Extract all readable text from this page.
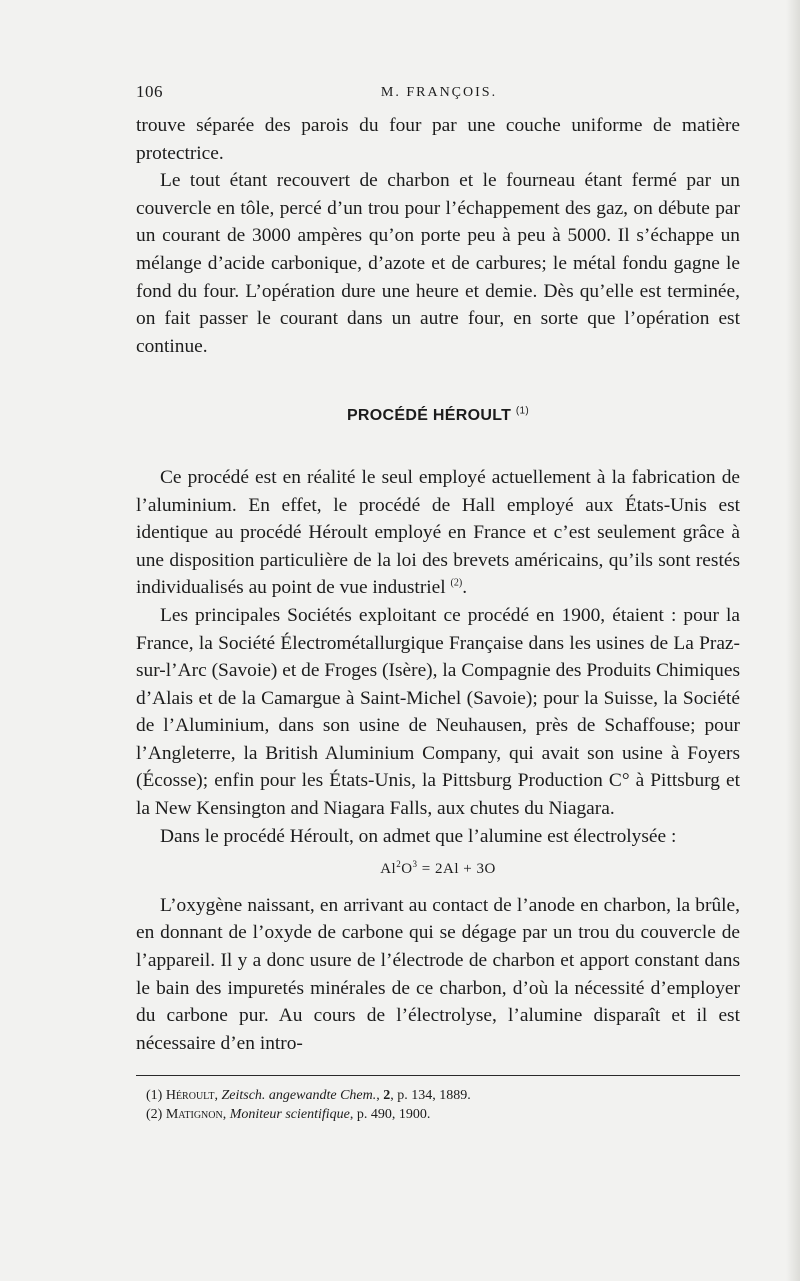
106	M. FRANÇOIS.

trouve séparée des parois du four par une couche uniforme de matière protectrice.

Le tout étant recouvert de charbon et le fourneau étant fermé par un couvercle en tôle, percé d’un trou pour l’échappement des gaz, on débute par un courant de 3000 ampères qu’on porte peu à peu à 5000. Il s’échappe un mélange d’acide carbonique, d’azote et de carbures; le métal fondu gagne le fond du four. L’opération dure une heure et demie. Dès qu’elle est terminée, on fait passer le courant dans un autre four, en sorte que l’opération est continue.

PROCÉDÉ HÉROULT $^{(1)}$

Ce procédé est en réalité le seul employé actuellement à la fabrication de l’aluminium. En effet, le procédé de Hall employé aux États-Unis est identique au procédé Héroult employé en France et c’est seulement grâce à une disposition particulière de la loi des brevets américains, qu’ils sont restés individualisés au point de vue industriel $^{(2)}$.

Les principales Sociétés exploitant ce procédé en 1900, étaient : pour la France, la Société Électrométallurgique Française dans les usines de La Praz-sur-l’Arc (Savoie) et de Froges (Isère), la Compagnie des Produits Chimiques d’Alais et de la Camargue à Saint-Michel (Savoie); pour la Suisse, la Société de l’Aluminium, dans son usine de Neuhausen, près de Schaffouse; pour l’Angleterre, la British Aluminium Company, qui avait son usine à Foyers (Écosse); enfin pour les États-Unis, la Pittsburg Production C° à Pittsburg et la New Kensington and Niagara Falls, aux chutes du Niagara.

Dans le procédé Héroult, on admet que l’alumine est électrolysée :

$Al^2O^3 = 2Al + 3O$

L’oxygène naissant, en arrivant au contact de l’anode en charbon, la brûle, en donnant de l’oxyde de carbone qui se dégage par un trou du couvercle de l’appareil. Il y a donc usure de l’électrode de charbon et apport constant dans le bain des impuretés minérales de ce charbon, d’où la nécessité d’employer du carbone pur. Au cours de l’électrolyse, l’alumine disparaît et il est nécessaire d’en intro-

(1) Héroult, Zeitsch. angewandte Chem., 2, p. 134, 1889.
(2) Matignon, Moniteur scientifique, p. 490, 1900.
